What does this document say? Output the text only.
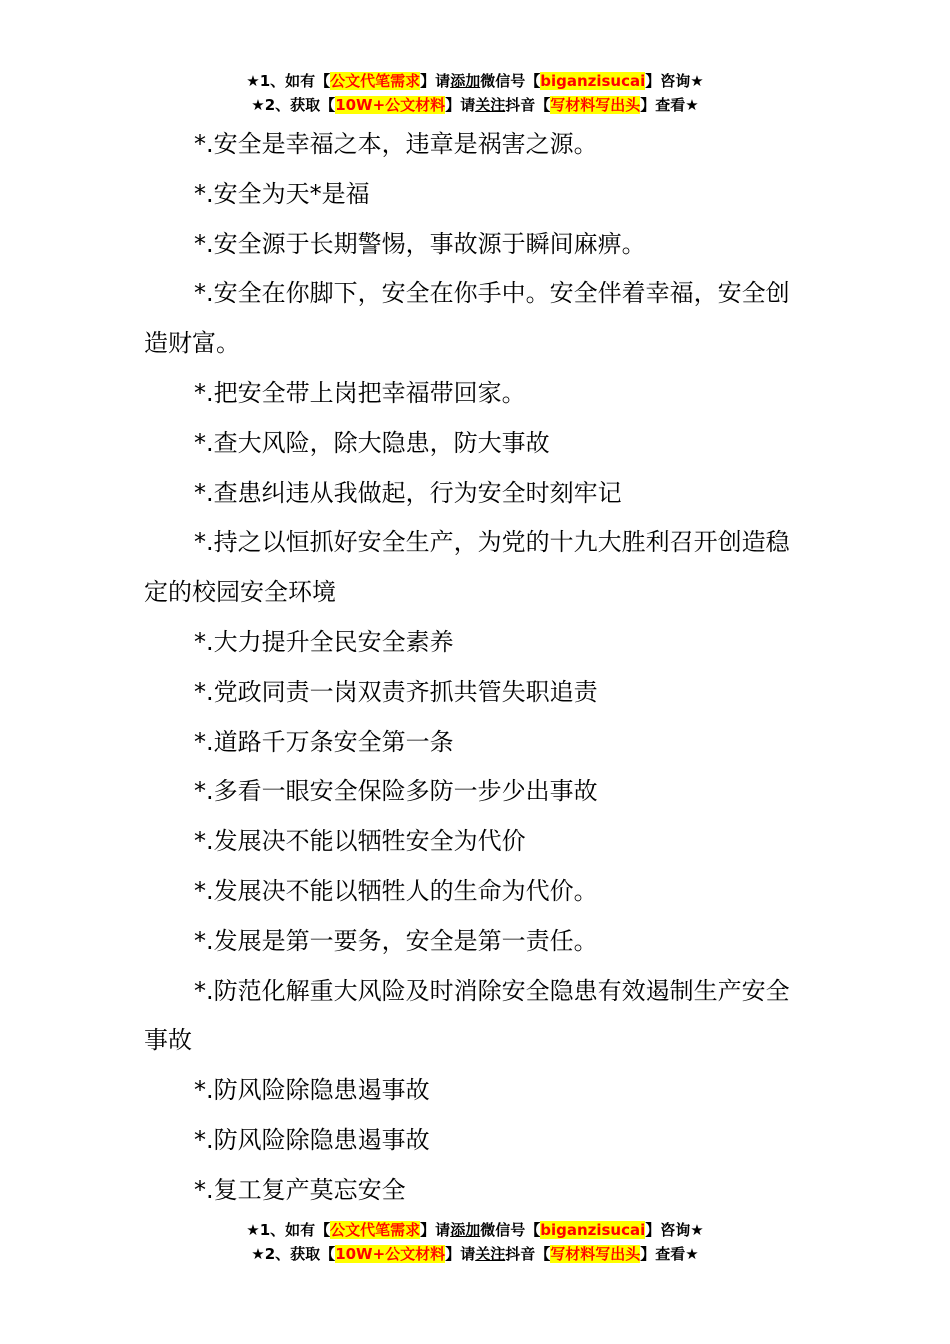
★1、如有【公文代笔需求】请添加微信号【biganzisucai】咨询★
★2、获取【10W+公文材料】请关注抖音【写材料写出头】查看★

*.安全是幸福之本，违章是祸害之源。

*.安全为天*是福

*.安全源于长期警惕，事故源于瞬间麻痹。

*.安全在你脚下，安全在你手中。安全伴着幸福，安全创造财富。

*.把安全带上岗把幸福带回家。

*.查大风险，除大隐患，防大事故

*.查患纠违从我做起，行为安全时刻牢记

*.持之以恒抓好安全生产，为党的十九大胜利召开创造稳定的校园安全环境

*.大力提升全民安全素养

*.党政同责一岗双责齐抓共管失职追责

*.道路千万条安全第一条

*.多看一眼安全保险多防一步少出事故

*.发展决不能以牺牲安全为代价

*.发展决不能以牺牲人的生命为代价。

*.发展是第一要务，安全是第一责任。

*.防范化解重大风险及时消除安全隐患有效遏制生产安全事故

*.防风险除隐患遏事故

*.防风险除隐患遏事故

*.复工复产莫忘安全

★1、如有【公文代笔需求】请添加微信号【biganzisucai】咨询★
★2、获取【10W+公文材料】请关注抖音【写材料写出头】查看★
